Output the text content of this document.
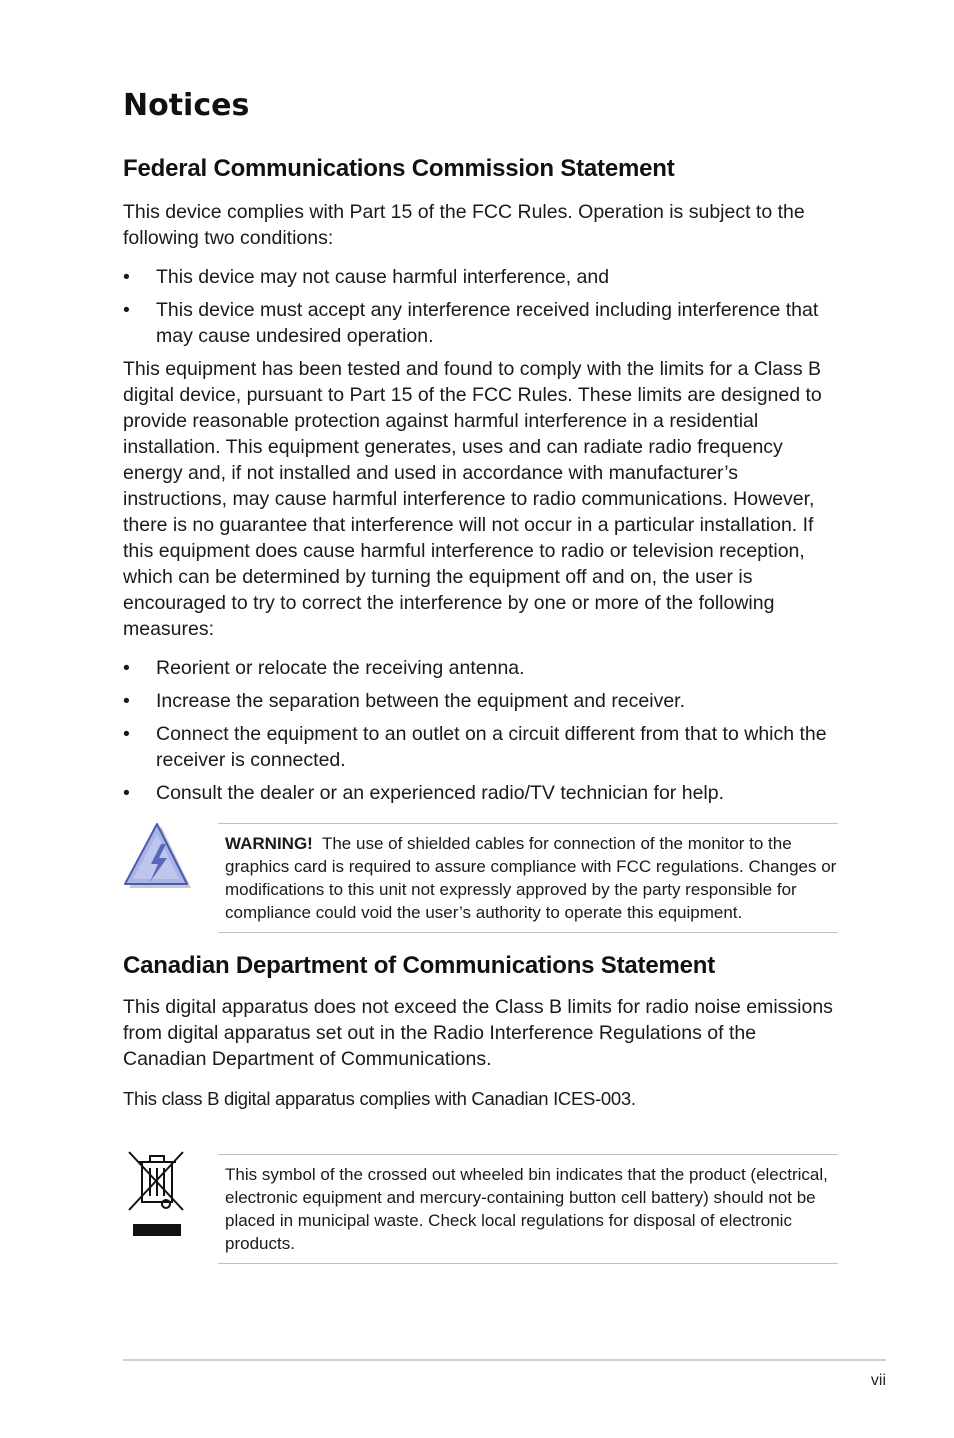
Notices
Federal Communications Commission Statement

This device complies with Part 15 of the FCC Rules. Operation is subject to the following two conditions:

•	This device may not cause harmful interference, and
•	This device must accept any interference received including interference that may cause undesired operation.

This equipment has been tested and found to comply with the limits for a Class B digital device, pursuant to Part 15 of the FCC Rules. These limits are designed to provide reasonable protection against harmful interference in a residential installation. This equipment generates, uses and can radiate radio frequency energy and, if not installed and used in accordance with manufacturer’s instructions, may cause harmful interference to radio communications. However, there is no guarantee that interference will not occur in a particular installation. If this equipment does cause harmful interference to radio or television reception, which can be determined by turning the equipment off and on, the user is encouraged to try to correct the interference by one or more of the following measures:

•	Reorient or relocate the receiving antenna.
•	Increase the separation between the equipment and receiver.
•	Connect the equipment to an outlet on a circuit different from that to which the receiver is connected.
•	Consult the dealer or an experienced radio/TV technician for help.

WARNING! The use of shielded cables for connection of the monitor to the graphics card is required to assure compliance with FCC regulations. Changes or modifications to this unit not expressly approved by the party responsible for compliance could void the user’s authority to operate this equipment.

Canadian Department of Communications Statement

This digital apparatus does not exceed the Class B limits for radio noise emissions from digital apparatus set out in the Radio Interference Regulations of the Canadian Department of Communications.

This class B digital apparatus complies with Canadian ICES-003.

This symbol of the crossed out wheeled bin indicates that the product (electrical, electronic equipment and mercury-containing button cell battery) should not be placed in municipal waste. Check local regulations for disposal of electronic products.

vii
